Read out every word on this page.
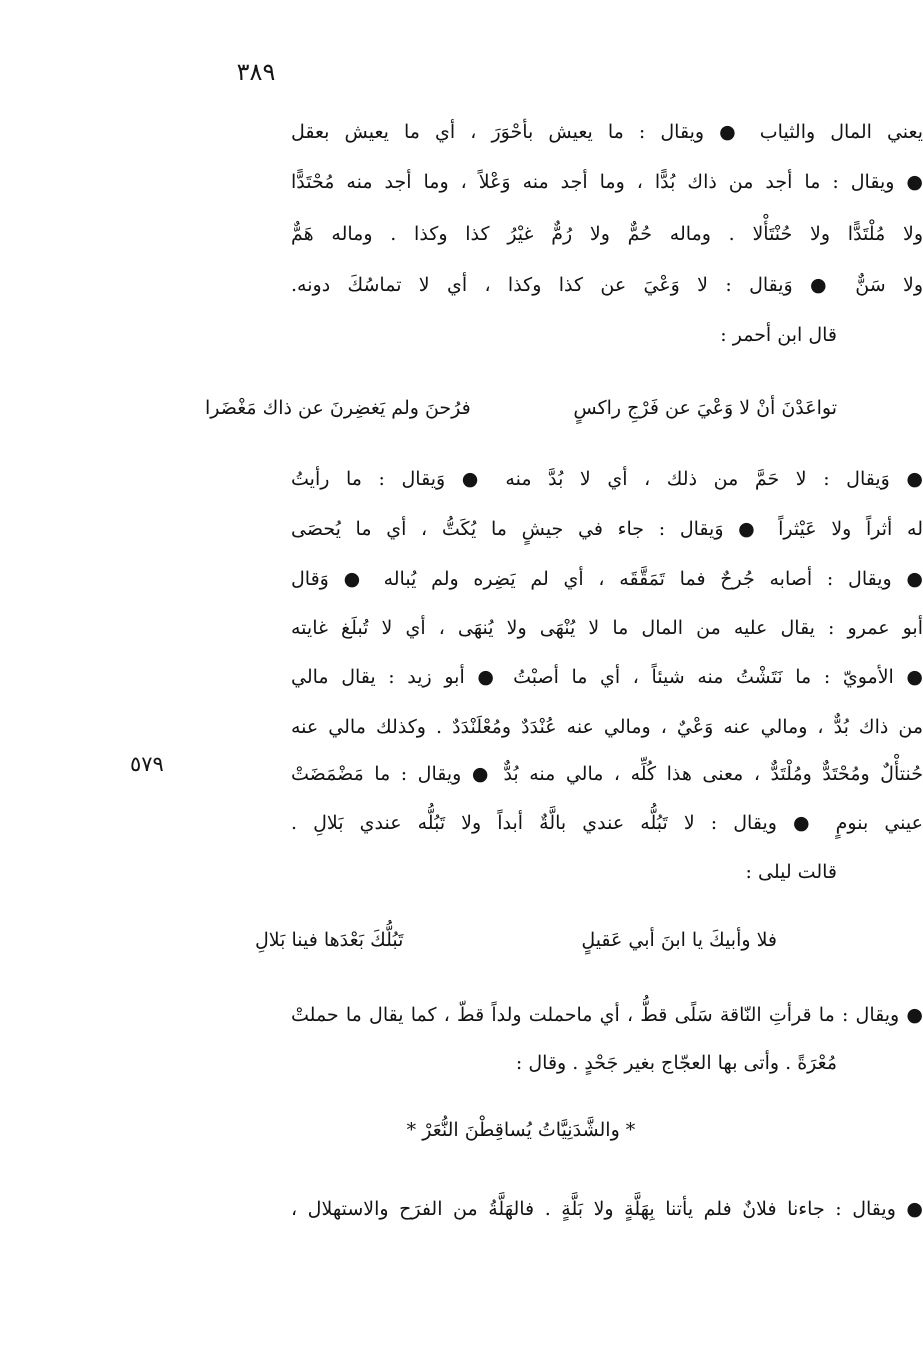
٣٨٩
٥٧٩
يعني المال والثياب ● ويقال : ما يعيش بأحْوَرَ ، أي ما يعيش بعقل
● ويقال : ما أجد من ذاك بُدًّا ، وما أجد منه وَعْلاً ، وما أجد منه مُحْتَدًّا
ولا مُلْتَدًّا ولا حُنْتَأْلا . وماله حُمٌّ ولا رُمٌّ غيْرُ كذا وكذا . وماله هَمٌّ
ولا سَنٌّ ● وَيقال : لا وَعْيَ عن كذا وكذا ، أي لا تماسُكَ دونه.
قال ابن أحمر :
تواعَدْنَ أنْ لا وَعْيَ عن فَرْجِ راكسٍ
فرُحنَ ولم يَغضِرنَ عن ذاك مَغْضَرا
● وَيقال : لا حَمَّ من ذلك ، أي لا بُدَّ منه ● وَيقال : ما رأيتُ
له أثراً ولا عَيْثراً ● وَيقال : جاء في جيشٍ ما يُكَتُّ ، أي ما يُحصَى
● ويقال : أصابه جُرحٌ فما تَمَقَّقَه ، أي لم يَضِره ولم يُباله ● وَقال
أبو عمرو : يقال عليه من المال ما لا يُنْهَى ولا يُنهَى ، أي لا تُبلَغ غايته
● الأمويّ : ما نَتَشْتُ منه شيئاً ، أي ما أصبْتُ ● أبو زيد : يقال مالي
من ذاك بُدٌّ ، ومالي عنه وَعْيٌ ، ومالي عنه عُنْدَدٌ ومُعْلَنْدَدٌ . وكذلك مالي عنه
حُنتأْلٌ ومُحْتَدٌّ ومُلْتَدٌّ ، معنى هذا كُلِّه ، مالي منه بُدٌّ ● ويقال : ما مَضْمَضَتْ
عيني بنومٍ ● ويقال : لا تَبُلُّه عندي بالَّةٌ أبداً ولا تَبُلُّه عندي بَلالِ .
قالت ليلى :
فلا وأبيكَ يا ابنَ أبي عَقيلٍ
تَبُلُّكَ بَعْدَها فينا بَلالِ
● ويقال : ما قرأتِ النّاقة سَلًى قطُّ ، أي ماحملت ولداً قطّ ، كما يقال ما حملتْ
مُعْرَةً . وأتى بها العجّاج بغير جَحْدٍ . وقال :
* والشَّدَنِيَّاتُ يُساقِطْنَ النُّعَرْ *
● ويقال : جاءنا فلانٌ فلم يأتنا بِهَلَّةٍ ولا بَلَّةٍ . فالهَلَّةُ من الفرَح والاستهلال ،
